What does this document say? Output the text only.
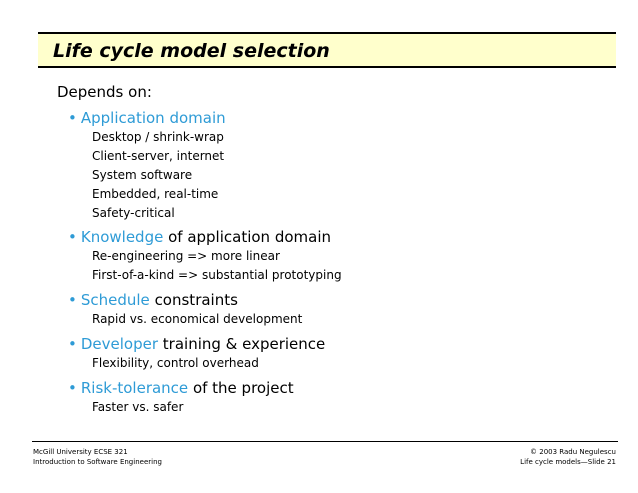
Life cycle model selection
Depends on:
• Application domain
Desktop / shrink-wrap
Client-server, internet
System software
Embedded, real-time
Safety-critical
• Knowledge of application domain
Re-engineering => more linear
First-of-a-kind => substantial prototyping
• Schedule constraints
Rapid vs. economical development
• Developer training & experience
Flexibility, control overhead
• Risk-tolerance of the project
Faster vs. safer
McGill University ECSE 321
Introduction to Software Engineering
© 2003 Radu Negulescu
Life cycle models—Slide 21
